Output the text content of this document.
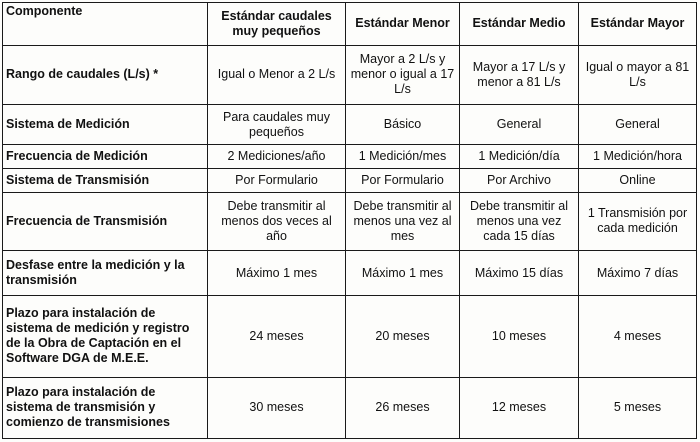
Componente	Estándar caudales muy pequeños	Estándar Menor	Estándar Medio	Estándar Mayor
Rango de caudales (L/s) *	Igual o Menor a 2 L/s	Mayor a 2 L/s y menor o igual a 17 L/s	Mayor a 17 L/s y menor a 81 L/s	Igual o mayor a 81 L/s
Sistema de Medición	Para caudales muy pequeños	Básico	General	General
Frecuencia de Medición	2 Mediciones/año	1 Medición/mes	1 Medición/día	1 Medición/hora
Sistema de Transmisión	Por Formulario	Por Formulario	Por Archivo	Online
Frecuencia de Transmisión	Debe transmitir al menos dos veces al año	Debe transmitir al menos una vez al mes	Debe transmitir al menos una vez cada 15 días	1 Transmisión por cada medición
Desfase entre la medición y la transmisión	Máximo 1 mes	Máximo 1 mes	Máximo 15 días	Máximo 7 días
Plazo para instalación de sistema de medición y registro de la Obra de Captación en el Software DGA de M.E.E.	24 meses	20 meses	10 meses	4 meses
Plazo para instalación de sistema de transmisión y comienzo de transmisiones	30 meses	26 meses	12 meses	5 meses
